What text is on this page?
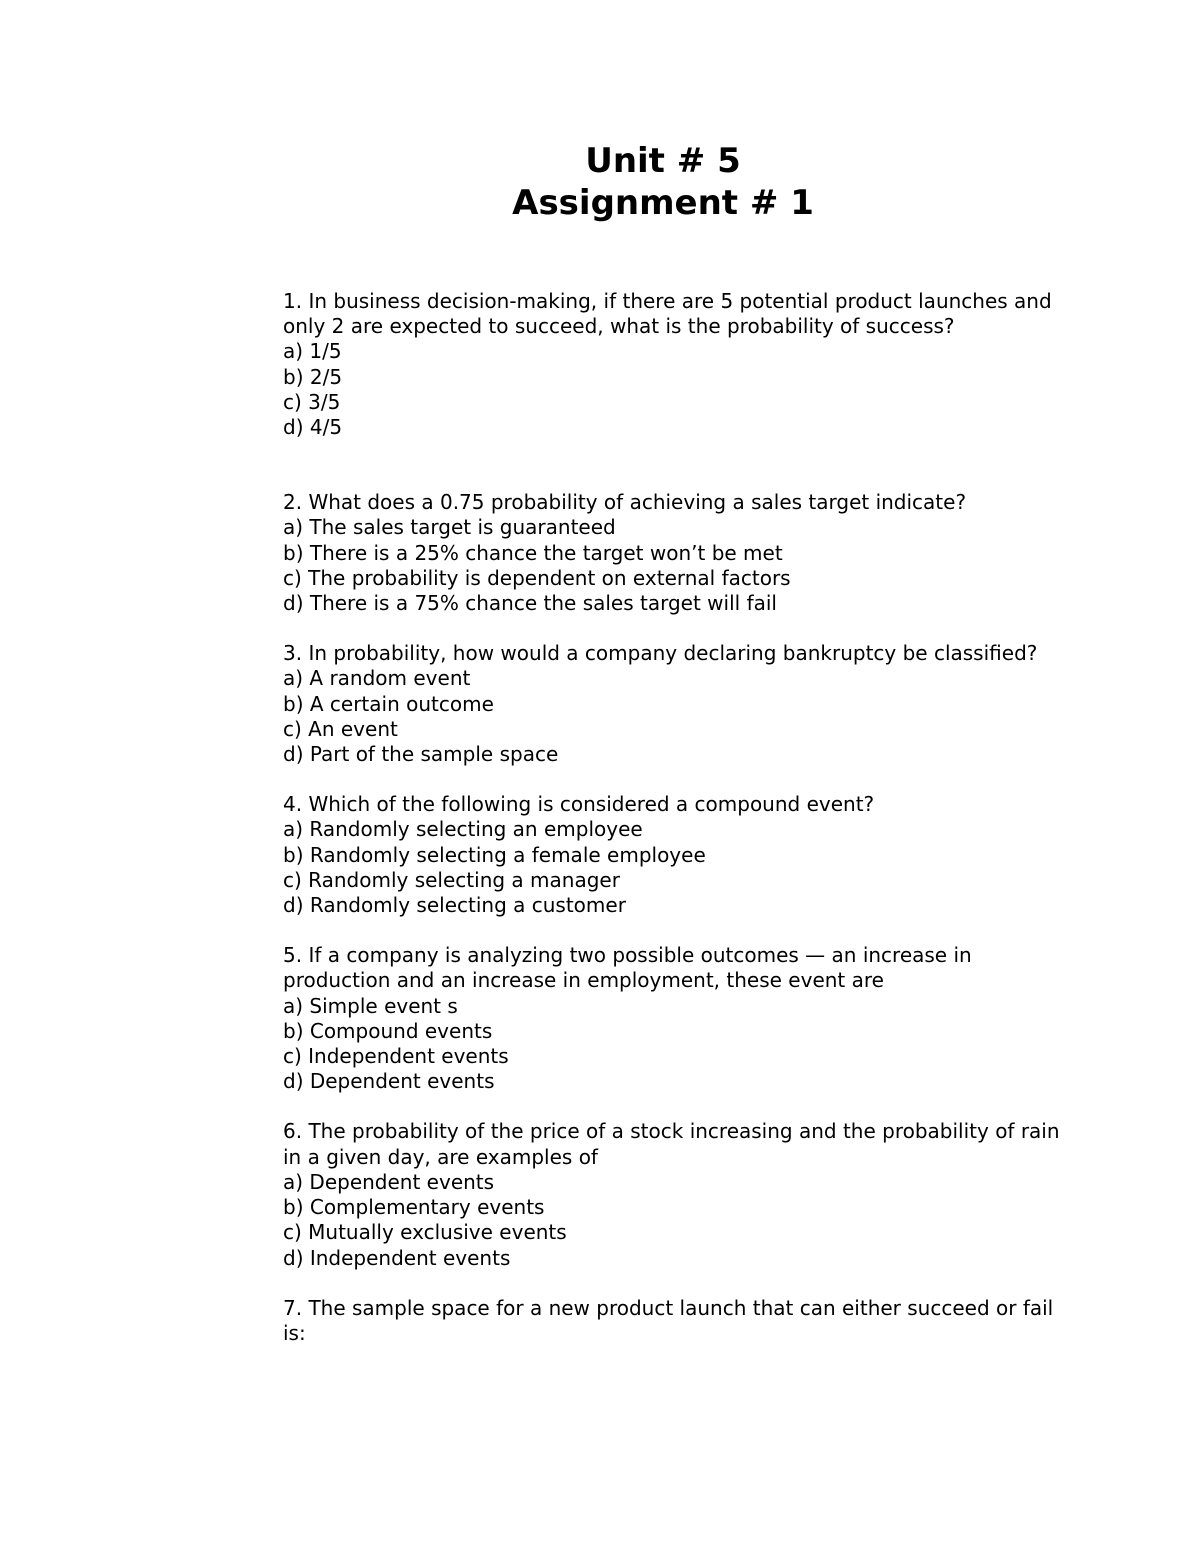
Unit # 5
Assignment # 1
1. In business decision-making, if there are 5 potential product launches and only 2 are expected to succeed, what is the probability of success?
a) 1/5
b) 2/5
c) 3/5
d) 4/5
2. What does a 0.75 probability of achieving a sales target indicate?
a) The sales target is guaranteed
b) There is a 25% chance the target won’t be met
c) The probability is dependent on external factors
d) There is a 75% chance the sales target will fail
3. In probability, how would a company declaring bankruptcy be classified?
a) A random event
b) A certain outcome
c) An event
d) Part of the sample space
4. Which of the following is considered a compound event?
a) Randomly selecting an employee
b) Randomly selecting a female employee
c) Randomly selecting a manager
d) Randomly selecting a customer
5. If a company is analyzing two possible outcomes — an increase in production and an increase in employment, these event are
a) Simple event s
b) Compound events
c) Independent events
d) Dependent events
6. The probability of the price of a stock increasing and the probability of rain in a given day, are examples of
a) Dependent events
b) Complementary events
c) Mutually exclusive events
d) Independent events
7. The sample space for a new product launch that can either succeed or fail is:
